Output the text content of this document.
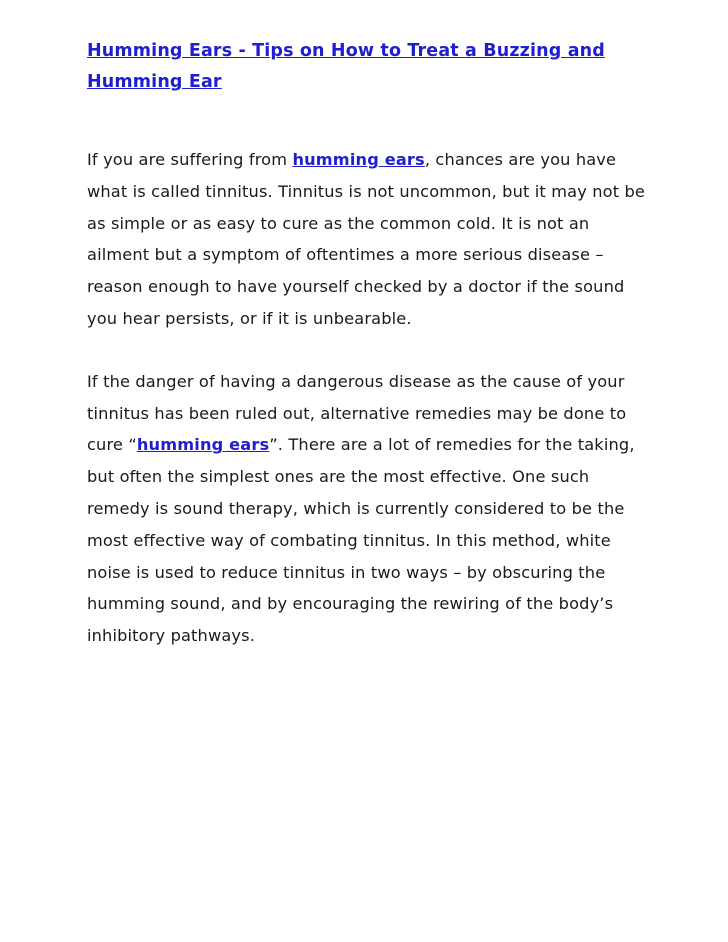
Humming Ears - Tips on How to Treat a Buzzing and Humming Ear

If you are suffering from humming ears, chances are you have what is called tinnitus. Tinnitus is not uncommon, but it may not be as simple or as easy to cure as the common cold. It is not an ailment but a symptom of oftentimes a more serious disease – reason enough to have yourself checked by a doctor if the sound you hear persists, or if it is unbearable.

If the danger of having a dangerous disease as the cause of your tinnitus has been ruled out, alternative remedies may be done to cure “humming ears”. There are a lot of remedies for the taking, but often the simplest ones are the most effective. One such remedy is sound therapy, which is currently considered to be the most effective way of combating tinnitus. In this method, white noise is used to reduce tinnitus in two ways – by obscuring the humming sound, and by encouraging the rewiring of the body’s inhibitory pathways.
